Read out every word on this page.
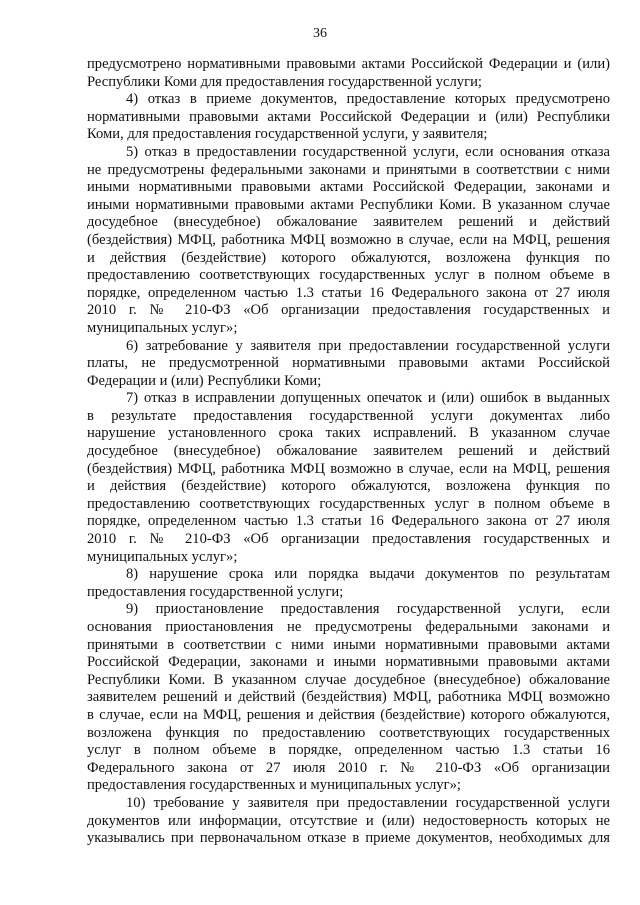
36
предусмотрено нормативными правовыми актами Российской Федерации и (или)
Республики Коми для предоставления государственной услуги;
4) отказ в приеме документов, предоставление которых предусмотрено
нормативными правовыми актами Российской Федерации и (или) Республики
Коми, для предоставления государственной услуги, у заявителя;
5) отказ в предоставлении государственной услуги, если основания отказа
не предусмотрены федеральными законами и принятыми в соответствии с ними
иными нормативными правовыми актами Российской Федерации, законами и
иными нормативными правовыми актами Республики Коми. В указанном случае
досудебное (внесудебное) обжалование заявителем решений и действий
(бездействия) МФЦ, работника МФЦ возможно в случае, если на МФЦ, решения
и действия (бездействие) которого обжалуются, возложена функция по
предоставлению соответствующих государственных услуг в полном объеме в
порядке, определенном частью 1.3 статьи 16 Федерального закона от 27 июля
2010 г. № 210-ФЗ «Об организации предоставления государственных и
муниципальных услуг»;
6) затребование у заявителя при предоставлении государственной услуги
платы, не предусмотренной нормативными правовыми актами Российской
Федерации и (или) Республики Коми;
7) отказ в исправлении допущенных опечаток и (или) ошибок в выданных
в результате предоставления государственной услуги документах либо
нарушение установленного срока таких исправлений. В указанном случае
досудебное (внесудебное) обжалование заявителем решений и действий
(бездействия) МФЦ, работника МФЦ возможно в случае, если на МФЦ, решения
и действия (бездействие) которого обжалуются, возложена функция по
предоставлению соответствующих государственных услуг в полном объеме в
порядке, определенном частью 1.3 статьи 16 Федерального закона от 27 июля
2010 г. № 210-ФЗ «Об организации предоставления государственных и
муниципальных услуг»;
8) нарушение срока или порядка выдачи документов по результатам
предоставления государственной услуги;
9) приостановление предоставления государственной услуги, если
основания приостановления не предусмотрены федеральными законами и
принятыми в соответствии с ними иными нормативными правовыми актами
Российской Федерации, законами и иными нормативными правовыми актами
Республики Коми. В указанном случае досудебное (внесудебное) обжалование
заявителем решений и действий (бездействия) МФЦ, работника МФЦ возможно
в случае, если на МФЦ, решения и действия (бездействие) которого обжалуются,
возложена функция по предоставлению соответствующих государственных
услуг в полном объеме в порядке, определенном частью 1.3 статьи 16
Федерального закона от 27 июля 2010 г. № 210-ФЗ «Об организации
предоставления государственных и муниципальных услуг»;
10) требование у заявителя при предоставлении государственной услуги
документов или информации, отсутствие и (или) недостоверность которых не
указывались при первоначальном отказе в приеме документов, необходимых для
